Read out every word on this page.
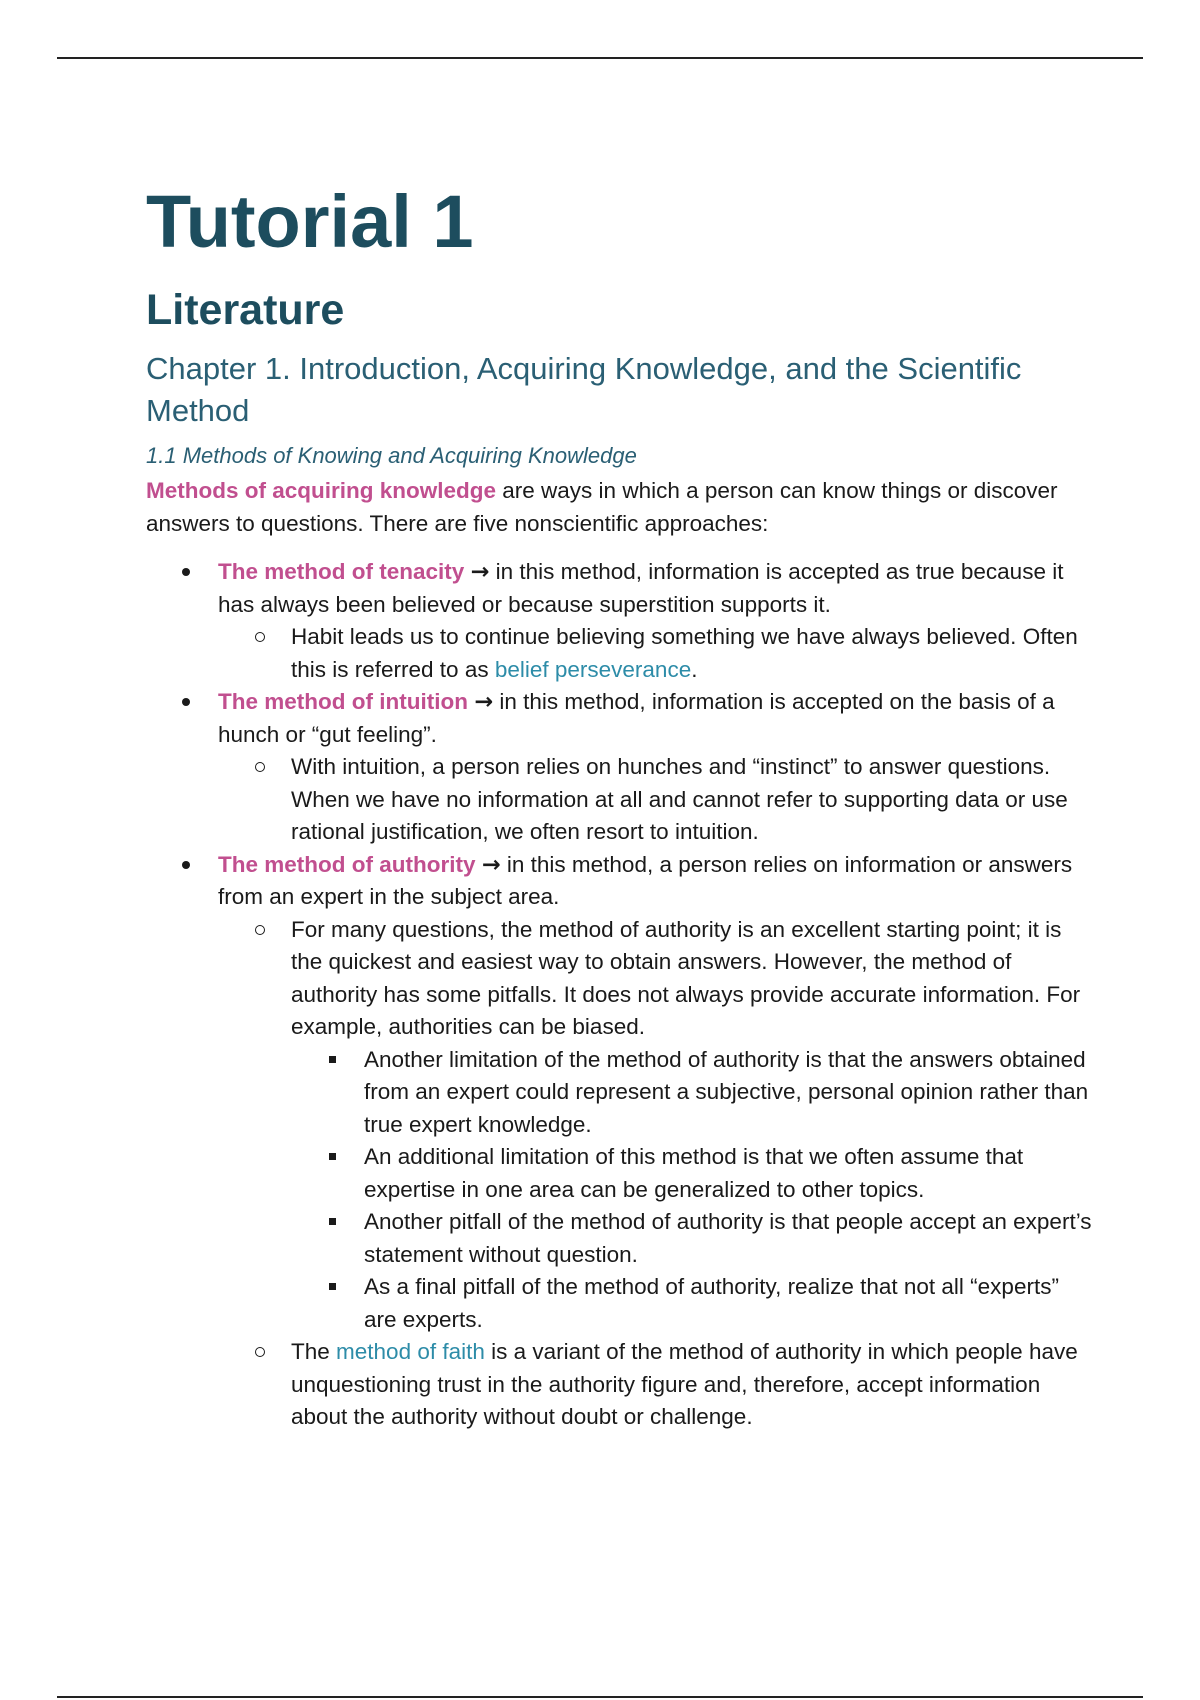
Tutorial 1
Literature
Chapter 1. Introduction, Acquiring Knowledge, and the Scientific Method
1.1 Methods of Knowing and Acquiring Knowledge

Methods of acquiring knowledge are ways in which a person can know things or discover answers to questions. There are five nonscientific approaches:

The method of tenacity → in this method, information is accepted as true because it has always been believed or because superstition supports it.
Habit leads us to continue believing something we have always believed. Often this is referred to as belief perseverance.
The method of intuition → in this method, information is accepted on the basis of a hunch or “gut feeling”.
With intuition, a person relies on hunches and “instinct” to answer questions. When we have no information at all and cannot refer to supporting data or use rational justification, we often resort to intuition.
The method of authority → in this method, a person relies on information or answers from an expert in the subject area.
For many questions, the method of authority is an excellent starting point; it is the quickest and easiest way to obtain answers. However, the method of authority has some pitfalls. It does not always provide accurate information. For example, authorities can be biased.
Another limitation of the method of authority is that the answers obtained from an expert could represent a subjective, personal opinion rather than true expert knowledge.
An additional limitation of this method is that we often assume that expertise in one area can be generalized to other topics.
Another pitfall of the method of authority is that people accept an expert’s statement without question.
As a final pitfall of the method of authority, realize that not all “experts” are experts.
The method of faith is a variant of the method of authority in which people have unquestioning trust in the authority figure and, therefore, accept information about the authority without doubt or challenge.
